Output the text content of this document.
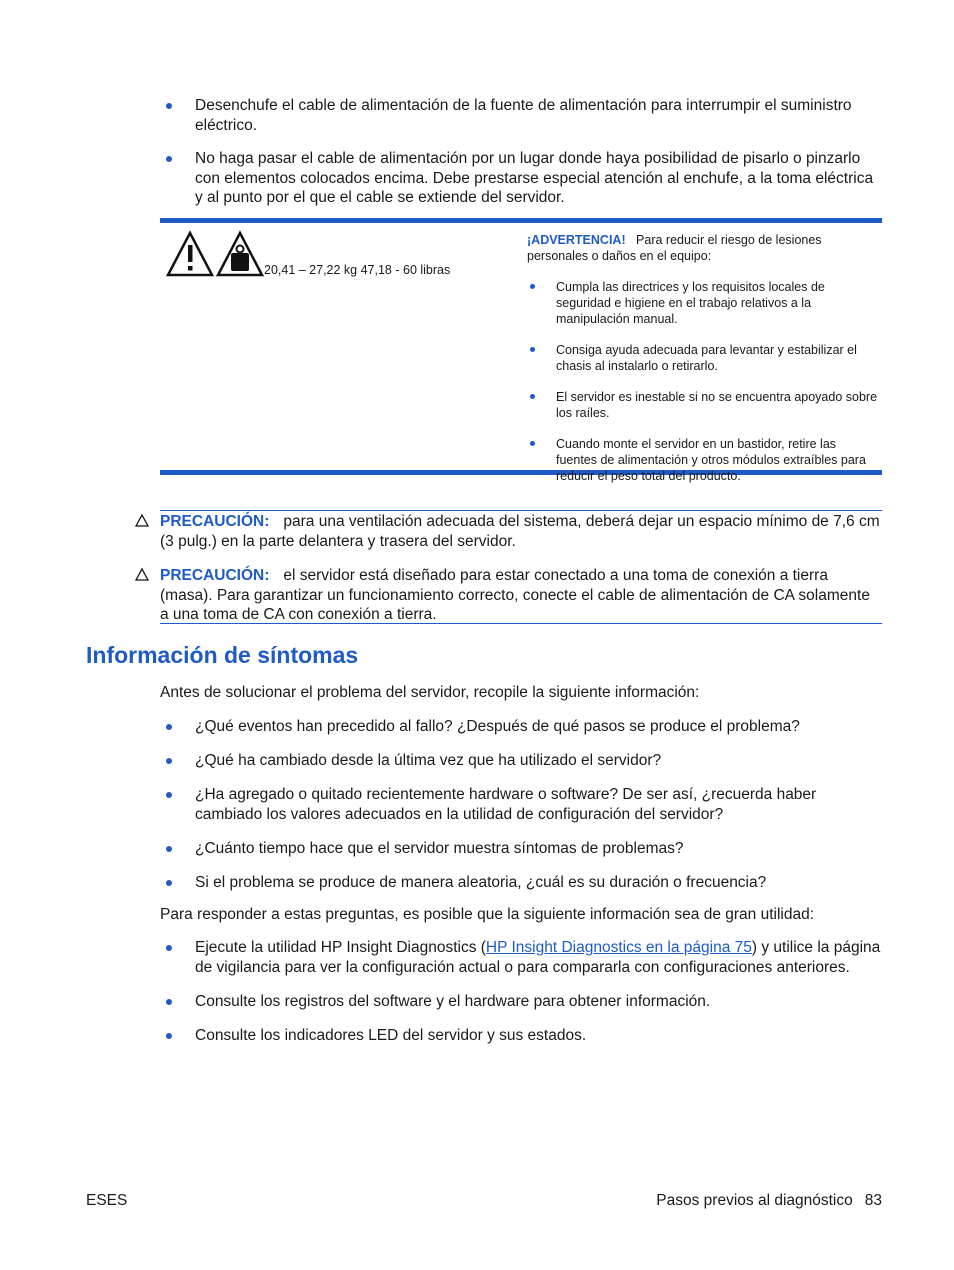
Desenchufe el cable de alimentación de la fuente de alimentación para interrumpir el suministro eléctrico.
No haga pasar el cable de alimentación por un lugar donde haya posibilidad de pisarlo o pinzarlo con elementos colocados encima. Debe prestarse especial atención al enchufe, a la toma eléctrica y al punto por el que el cable se extiende del servidor.
20,41 – 27,22 kg 47,18 - 60 libras
¡ADVERTENCIA! Para reducir el riesgo de lesiones personales o daños en el equipo:
Cumpla las directrices y los requisitos locales de seguridad e higiene en el trabajo relativos a la manipulación manual.
Consiga ayuda adecuada para levantar y estabilizar el chasis al instalarlo o retirarlo.
El servidor es inestable si no se encuentra apoyado sobre los raíles.
Cuando monte el servidor en un bastidor, retire las fuentes de alimentación y otros módulos extraíbles para reducir el peso total del producto.
PRECAUCIÓN: para una ventilación adecuada del sistema, deberá dejar un espacio mínimo de 7,6 cm (3 pulg.) en la parte delantera y trasera del servidor.
PRECAUCIÓN: el servidor está diseñado para estar conectado a una toma de conexión a tierra (masa). Para garantizar un funcionamiento correcto, conecte el cable de alimentación de CA solamente a una toma de CA con conexión a tierra.
Información de síntomas

Antes de solucionar el problema del servidor, recopile la siguiente información:

¿Qué eventos han precedido al fallo? ¿Después de qué pasos se produce el problema?
¿Qué ha cambiado desde la última vez que ha utilizado el servidor?
¿Ha agregado o quitado recientemente hardware o software? De ser así, ¿recuerda haber cambiado los valores adecuados en la utilidad de configuración del servidor?
¿Cuánto tiempo hace que el servidor muestra síntomas de problemas?
Si el problema se produce de manera aleatoria, ¿cuál es su duración o frecuencia?

Para responder a estas preguntas, es posible que la siguiente información sea de gran utilidad:

Ejecute la utilidad HP Insight Diagnostics (HP Insight Diagnostics en la página 75) y utilice la página de vigilancia para ver la configuración actual o para compararla con configuraciones anteriores.
Consulte los registros del software y el hardware para obtener información.
Consulte los indicadores LED del servidor y sus estados.
ESES	Pasos previos al diagnóstico 83
